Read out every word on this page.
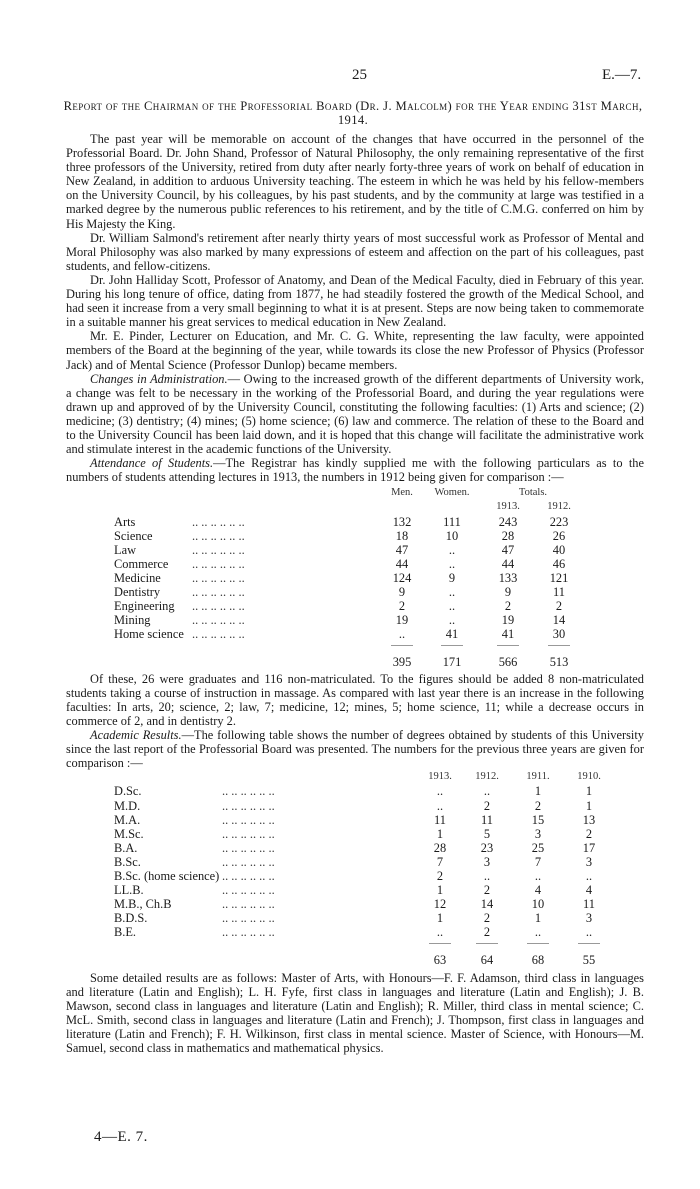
25	E.—7.
Report of the Chairman of the Professorial Board (Dr. J. Malcolm) for the Year ending 31st March, 1914.

The past year will be memorable on account of the changes that have occurred in the personnel of the Professorial Board. Dr. John Shand, Professor of Natural Philosophy, the only remaining representative of the first three professors of the University, retired from duty after nearly forty-three years of work on behalf of education in New Zealand, in addition to arduous University teaching. The esteem in which he was held by his fellow-members on the University Council, by his colleagues, by his past students, and by the community at large was testified in a marked degree by the numerous public references to his retirement, and by the title of C.M.G. conferred on him by His Majesty the King.

Dr. William Salmond's retirement after nearly thirty years of most successful work as Professor of Mental and Moral Philosophy was also marked by many expressions of esteem and affection on the part of his colleagues, past students, and fellow-citizens.

Dr. John Halliday Scott, Professor of Anatomy, and Dean of the Medical Faculty, died in February of this year. During his long tenure of office, dating from 1877, he had steadily fostered the growth of the Medical School, and had seen it increase from a very small beginning to what it is at present. Steps are now being taken to commemorate in a suitable manner his great services to medical education in New Zealand.

Mr. E. Pinder, Lecturer on Education, and Mr. C. G. White, representing the law faculty, were appointed members of the Board at the beginning of the year, while towards its close the new Professor of Physics (Professor Jack) and of Mental Science (Professor Dunlop) became members.

Changes in Administration.— Owing to the increased growth of the different departments of University work, a change was felt to be necessary in the working of the Professorial Board, and during the year regulations were drawn up and approved of by the University Council, constituting the following faculties: (1) Arts and science; (2) medicine; (3) dentistry; (4) mines; (5) home science; (6) law and commerce. The relation of these to the Board and to the University Council has been laid down, and it is hoped that this change will facilitate the administrative work and stimulate interest in the academic functions of the University.

Attendance of Students.—The Registrar has kindly supplied me with the following particulars as to the numbers of students attending lectures in 1913, the numbers in 1912 being given for comparison :—

		Men.	Women.	Totals.	
				1913.	1912.
Arts	.. .. .. .. .. ..	132	111	243	223
Science	.. .. .. .. .. ..	18	10	28	26
Law	.. .. .. .. .. ..	47	..	47	40
Commerce	.. .. .. .. .. ..	44	..	44	46
Medicine	.. .. .. .. .. ..	124	9	133	121
Dentistry	.. .. .. .. .. ..	9	..	9	11
Engineering	.. .. .. .. .. ..	2	..	2	2
Mining	.. .. .. .. .. ..	19	..	19	14
Home science	.. .. .. .. .. ..	..	41	41	30

		395	171	566	513

Of these, 26 were graduates and 116 non-matriculated. To the figures should be added 8 non-matriculated students taking a course of instruction in massage. As compared with last year there is an increase in the following faculties: In arts, 20; science, 2; law, 7; medicine, 12; mines, 5; home science, 11; while a decrease occurs in commerce of 2, and in dentistry 2.

Academic Results.—The following table shows the number of degrees obtained by students of this University since the last report of the Professorial Board was presented. The numbers for the previous three years are given for comparison :—

		1913.	1912.	1911.	1910.
D.Sc.	.. .. .. .. .. ..	..	..	1	1
M.D.	.. .. .. .. .. ..	..	2	2	1
M.A.	.. .. .. .. .. ..	11	11	15	13
M.Sc.	.. .. .. .. .. ..	1	5	3	2
B.A.	.. .. .. .. .. ..	28	23	25	17
B.Sc.	.. .. .. .. .. ..	7	3	7	3
B.Sc. (home science)	.. .. .. .. .. ..	2	..	..	..
LL.B.	.. .. .. .. .. ..	1	2	4	4
M.B., Ch.B	.. .. .. .. .. ..	12	14	10	11
B.D.S.	.. .. .. .. .. ..	1	2	1	3
B.E.	.. .. .. .. .. ..	..	2	..	..

		63	64	68	55

Some detailed results are as follows: Master of Arts, with Honours—F. F. Adamson, third class in languages and literature (Latin and English); L. H. Fyfe, first class in languages and literature (Latin and English); J. B. Mawson, second class in languages and literature (Latin and English); R. Miller, third class in mental science; C. McL. Smith, second class in languages and literature (Latin and French); J. Thompson, first class in languages and literature (Latin and French); F. H. Wilkinson, first class in mental science. Master of Science, with Honours—M. Samuel, second class in mathematics and mathematical physics.

4—E. 7.
